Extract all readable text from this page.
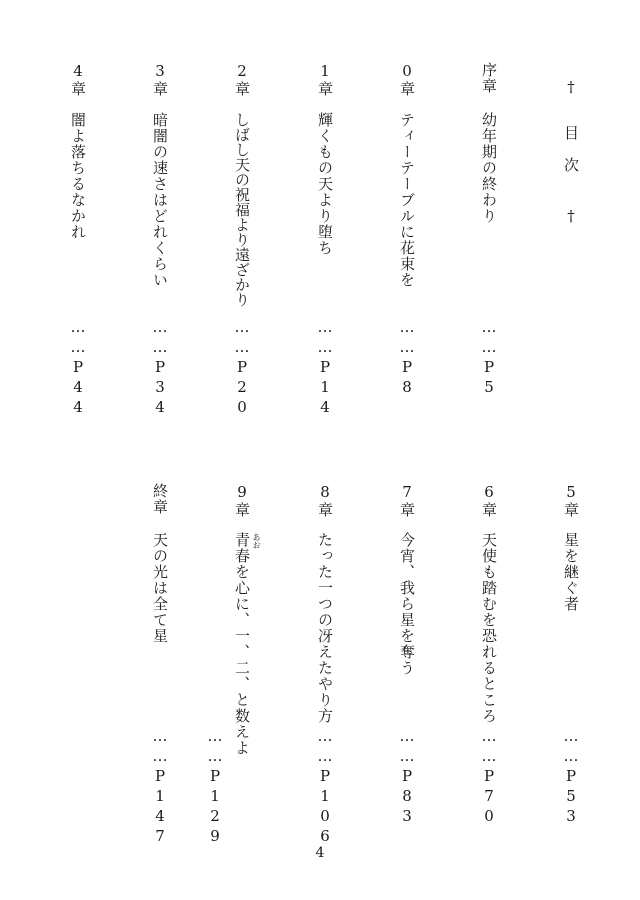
†
目
次
†
序章
幼年期の終わり
……P5
0章
ティーテーブルに花束を
……P8
1章
輝くもの天より堕ち
……P14
2章
しばし天の祝福より遠ざかり
……P20
3章
暗闇の速さはどれくらい
……P34
4章
闇よ落ちるなかれ
……P44
5章
星を継ぐ者
……P53
6章
天使も踏むを恐れるところ
……P70
7章
今宵、我ら星を奪う
……P83
8章
たった一つの冴えたやり方
……P106
9章
青 あお
春を心に、一、二、と数えよ
……P129
終章
天の光は全て星
……P147
4
